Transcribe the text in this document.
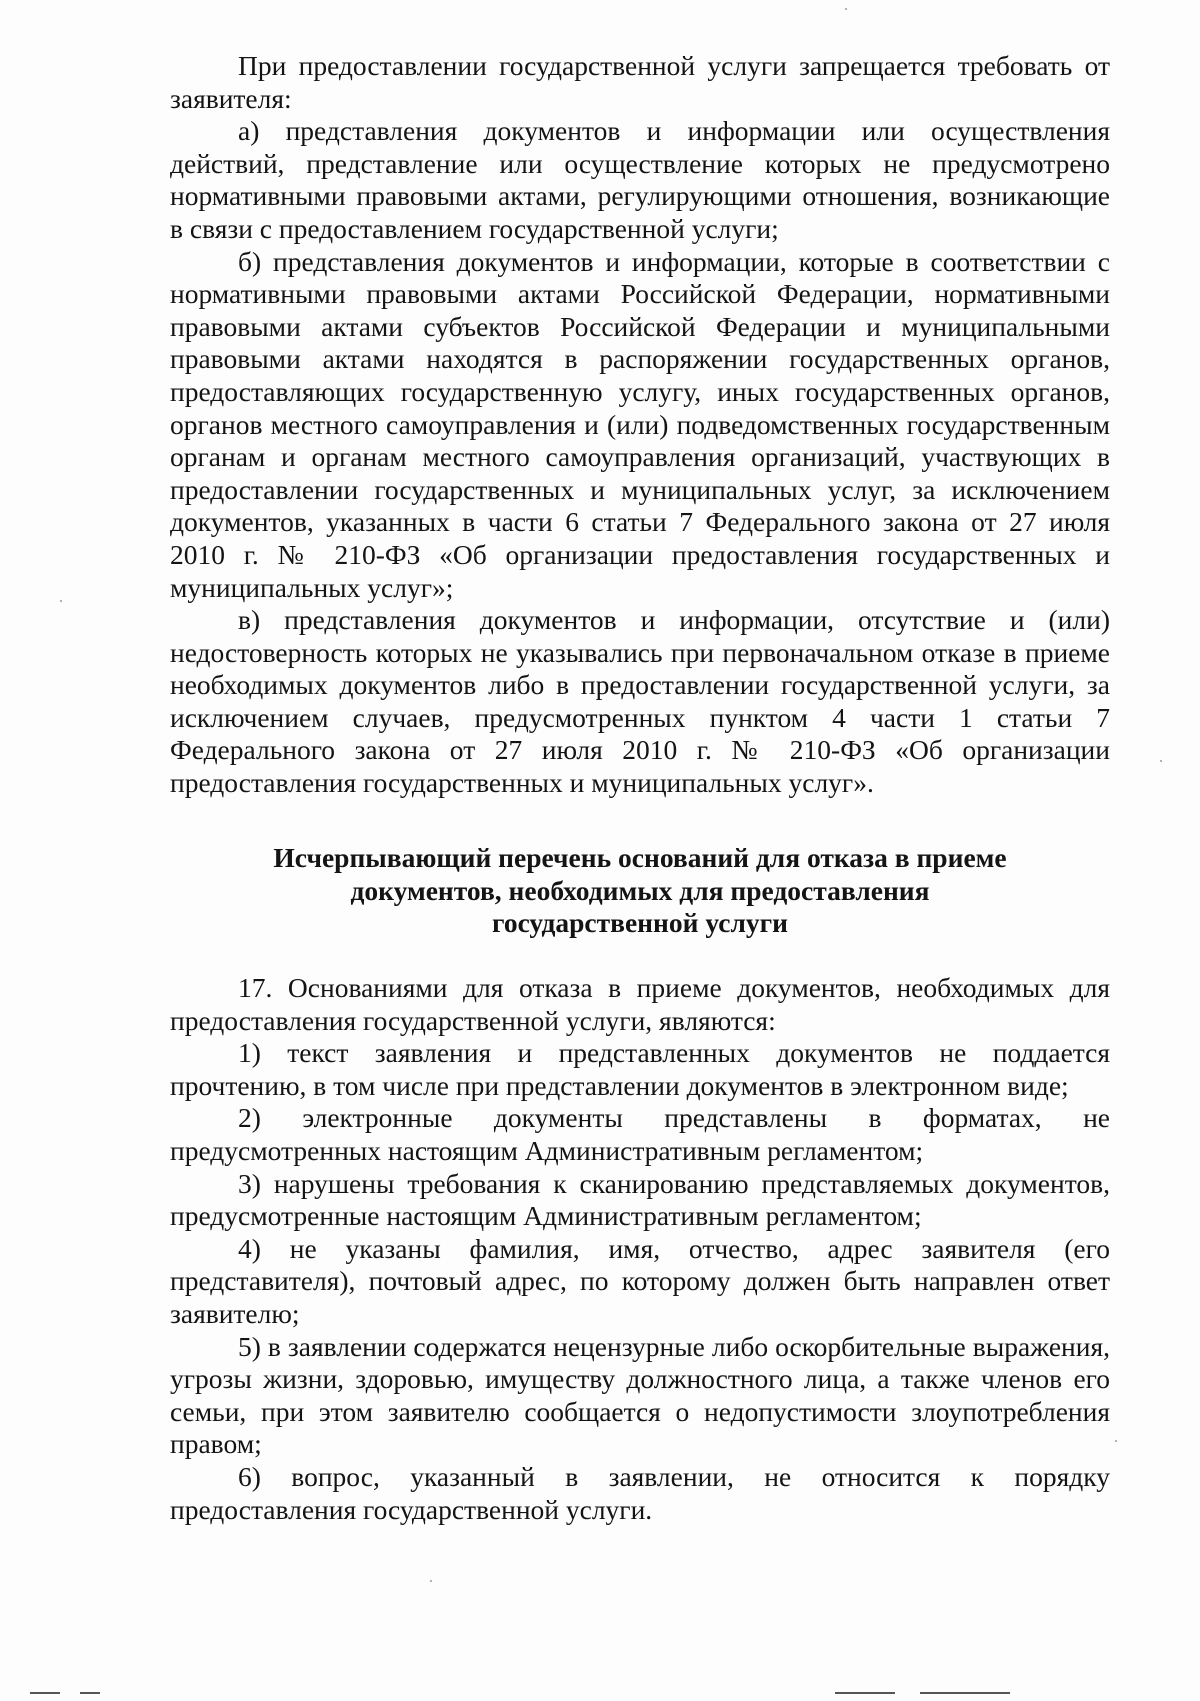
При предоставлении государственной услуги запрещается требовать от заявителя:

а) представления документов и информации или осуществления действий, представление или осуществление которых не предусмотрено нормативными правовыми актами, регулирующими отношения, возникающие в связи с предоставлением государственной услуги;

б) представления документов и информации, которые в соответствии с нормативными правовыми актами Российской Федерации, нормативными правовыми актами субъектов Российской Федерации и муниципальными правовыми актами находятся в распоряжении государственных органов, предоставляющих государственную услугу, иных государственных органов, органов местного самоуправления и (или) подведомственных государственным органам и органам местного самоуправления организаций, участвующих в предоставлении государственных и муниципальных услуг, за исключением документов, указанных в части 6 статьи 7 Федерального закона от 27 июля 2010 г. № 210-ФЗ «Об организации предоставления государственных и муниципальных услуг»;

в) представления документов и информации, отсутствие и (или) недостоверность которых не указывались при первоначальном отказе в приеме необходимых документов либо в предоставлении государственной услуги, за исключением случаев, предусмотренных пунктом 4 части 1 статьи 7 Федерального закона от 27 июля 2010 г. № 210-ФЗ «Об организации предоставления государственных и муниципальных услуг».

Исчерпывающий перечень оснований для отказа в приеме

документов, необходимых для предоставления

государственной услуги

17. Основаниями для отказа в приеме документов, необходимых для предоставления государственной услуги, являются:

1) текст заявления и представленных документов не поддается прочтению, в том числе при представлении документов в электронном виде;

2) электронные документы представлены в форматах, не предусмотренных настоящим Административным регламентом;

3) нарушены требования к сканированию представляемых документов, предусмотренные настоящим Административным регламентом;

4) не указаны фамилия, имя, отчество, адрес заявителя (его представителя), почтовый адрес, по которому должен быть направлен ответ заявителю;

5) в заявлении содержатся нецензурные либо оскорбительные выражения, угрозы жизни, здоровью, имуществу должностного лица, а также членов его семьи, при этом заявителю сообщается о недопустимости злоупотребления правом;

6) вопрос, указанный в заявлении, не относится к порядку предоставления государственной услуги.
